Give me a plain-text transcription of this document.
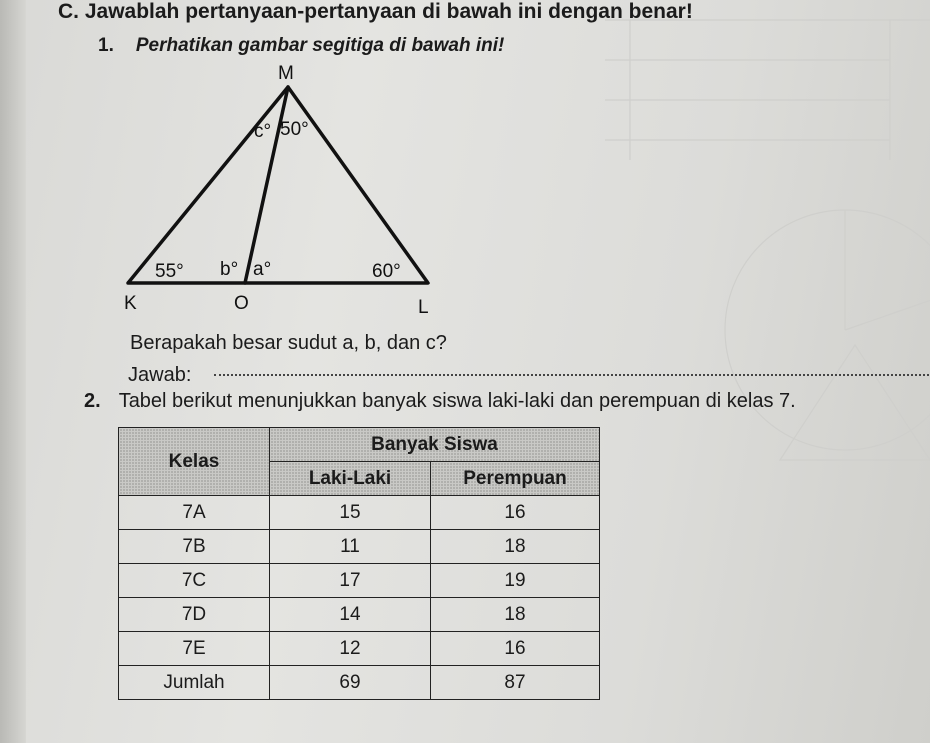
C. Jawablah pertanyaan-pertanyaan di bawah ini dengan benar!
1. Perhatikan gambar segitiga di bawah ini!
M
K	O	L
55° b° a°	60°
c° 50°
Berapakah besar sudut a, b, dan c?
Jawab:
2. Tabel berikut menunjukkan banyak siswa laki-laki dan perempuan di kelas 7.
Kelas	Banyak Siswa	
	Laki-Laki	Perempuan
7A	15	16
7B	11	18
7C	17	19
7D	14	18
7E	12	16
Jumlah	69	87
